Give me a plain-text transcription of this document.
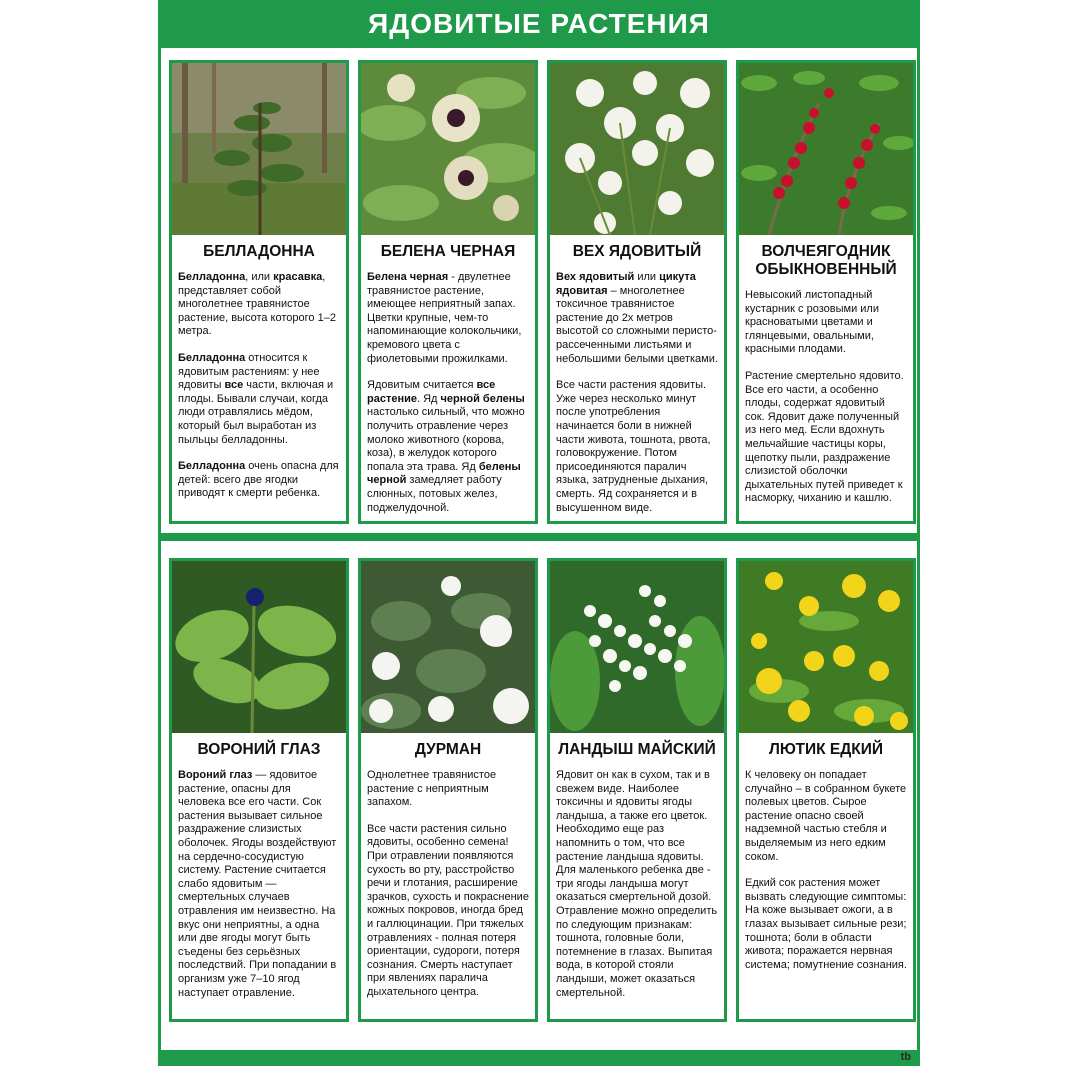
ЯДОВИТЫЕ РАСТЕНИЯ
БЕЛЛАДОННА

Белладонна, или красавка, представляет собой многолетнее травянистое растение, высота которого 1–2 метра.

Белладонна относится к ядовитым растениям: у нее ядовиты все части, включая и плоды. Бывали случаи, когда люди отравлялись мёдом, который был выработан из пыльцы белладонны.

Белладонна очень опасна для детей: всего две ягодки приводят к смерти ребенка.

БЕЛЕНА ЧЕРНАЯ

Белена черная - двулетнее травянистое растение, имеющее неприятный запах. Цветки крупные, чем-то напоминающие колокольчики, кремового цвета с фиолетовыми прожилками.

Ядовитым считается все растение. Яд черной белены настолько сильный, что можно получить отравление через молоко животного (корова, коза), в желудок которого попала эта трава. Яд белены черной замедляет работу слюнных, потовых желез, поджелудочной.

ВЕХ ЯДОВИТЫЙ

Вех ядовитый или цикута ядовитая – многолетнее токсичное травянистое растение до 2х метров высотой со сложными перисто-рассеченными листьями и небольшими белыми цветками.

Все части растения ядовиты. Уже через несколько минут после употребления начинается боли в нижней части живота, тошнота, рвота, головокружение. Потом присоединяются паралич языка, затрудненые дыхания, смерть. Яд сохраняется и в высушенном виде.

ВОЛЧЕЯГОДНИК ОБЫКНОВЕННЫЙ

Невысокий листопадный кустарник с розовыми или красноватыми цветами и глянцевыми, овальными, красными плодами.

Растение смертельно ядовито. Все его части, а особенно плоды, содержат ядовитый сок. Ядовит даже полученный из него мед. Если вдохнуть мельчайшие частицы коры, щепотку пыли, раздражение слизистой оболочки дыхательных путей приведет к насморку, чиханию и кашлю.

ВОРОНИЙ ГЛАЗ

Вороний глаз — ядовитое растение, опасны для человека все его части. Сок растения вызывает сильное раздражение слизистых оболочек. Ягоды воздействуют на сердечно-сосудистую систему. Растение считается слабо ядовитым — смертельных случаев отравления им неизвестно. На вкус они неприятны, а одна или две ягоды могут быть съедены без серьёзных последствий. При попадании в организм уже 7–10 ягод наступает отравление.

ДУРМАН

Однолетнее травянистое растение с неприятным запахом.

Все части растения сильно ядовиты, особенно семена! При отравлении появляются сухость во рту, расстройство речи и глотания, расширение зрачков, сухость и покраснение кожных покровов, иногда бред и галлюцинации. При тяжелых отравлениях - полная потеря ориентации, судороги, потеря сознания. Смерть наступает при явлениях паралича дыхательного центра.

ЛАНДЫШ МАЙСКИЙ

Ядовит он как в сухом, так и в свежем виде. Наиболее токсичны и ядовиты ягоды ландыша, а также его цветок. Необходимо еще раз напомнить о том, что все растение ландыша ядовиты. Для маленького ребенка две - три ягоды ландыша могут оказаться смертельной дозой. Отравление можно определить по следующим признакам: тошнота, головные боли, потемнение в глазах. Выпитая вода, в которой стояли ландыши, может оказаться смертельной.

ЛЮТИК ЕДКИЙ

К человеку он попадает случайно – в собранном букете полевых цветов. Сырое растение опасно своей надземной частью стебля и выделяемым из него едким соком.

Едкий сок растения может вызвать следующие симптомы: На коже вызывает ожоги, а в глазах вызывает сильные рези; тошнота; боли в области живота; поражается нервная система; помутнение сознания.

tb
